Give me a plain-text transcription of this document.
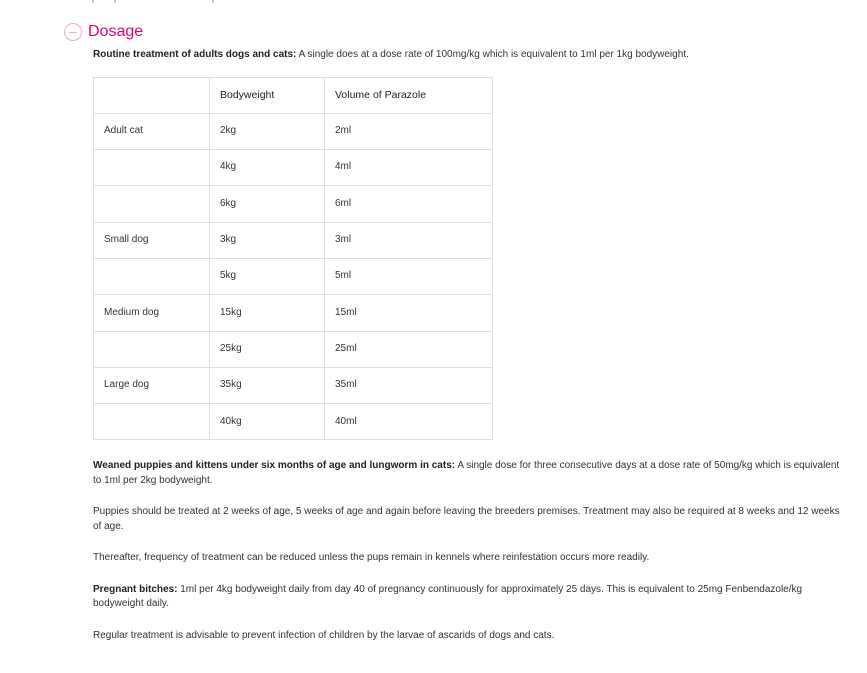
Dosage

Routine treatment of adults dogs and cats: A single does at a dose rate of 100mg/kg which is equivalent to 1ml per 1kg bodyweight.

	Bodyweight	Volume of Parazole
Adult cat	2kg	2ml
	4kg	4ml
	6kg	6ml
Small dog	3kg	3ml
	5kg	5ml
Medium dog	15kg	15ml
	25kg	25ml
Large dog	35kg	35ml
	40kg	40ml

Weaned puppies and kittens under six months of age and lungworm in cats: A single dose for three consecutive days at a dose rate of 50mg/kg which is equivalent to 1ml per 2kg bodyweight.

Puppies should be treated at 2 weeks of age, 5 weeks of age and again before leaving the breeders premises. Treatment may also be required at 8 weeks and 12 weeks of age.

Thereafter, frequency of treatment can be reduced unless the pups remain in kennels where reinfestation occurs more readily.

Pregnant bitches: 1ml per 4kg bodyweight daily from day 40 of pregnancy continuously for approximately 25 days. This is equivalent to 25mg Fenbendazole/kg bodyweight daily.

Regular treatment is advisable to prevent infection of children by the larvae of ascarids of dogs and cats.
